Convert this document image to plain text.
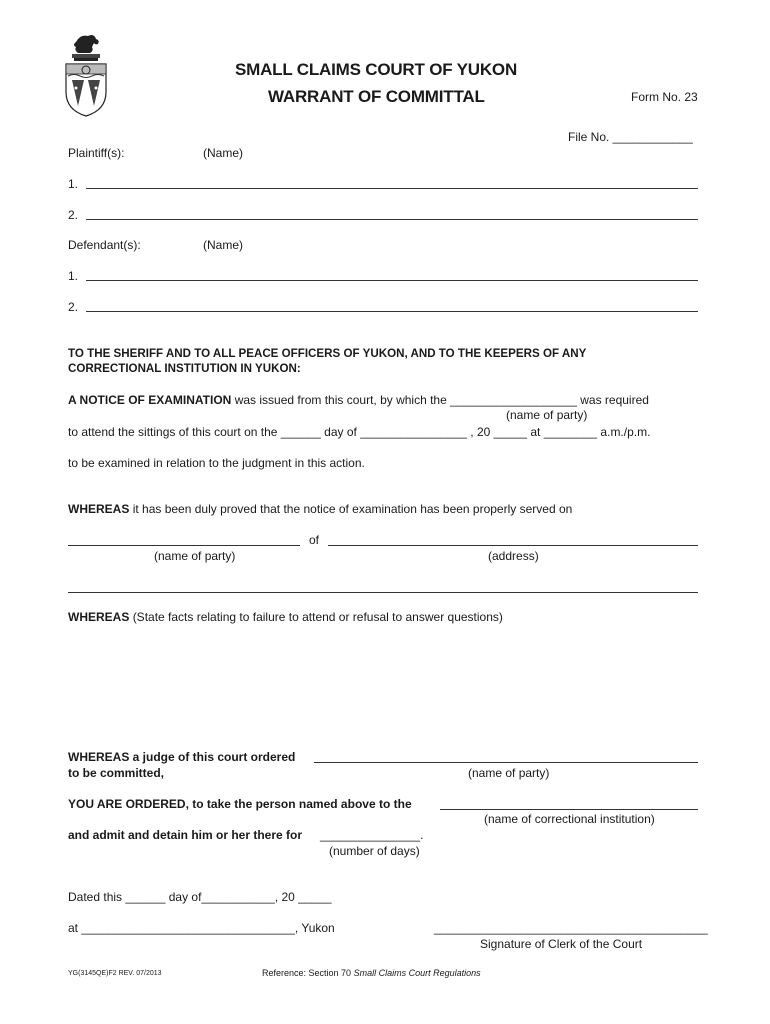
SMALL CLAIMS COURT OF YUKON
WARRANT OF COMMITTAL	Form No. 23
File No. ____________
Plaintiff(s):	(Name)
1.
2.
Defendant(s):	(Name)
1.
2.
TO THE SHERIFF AND TO ALL PEACE OFFICERS OF YUKON, AND TO THE KEEPERS OF ANY
CORRECTIONAL INSTITUTION IN YUKON:
A NOTICE OF EXAMINATION was issued from this court, by which the ___________________ was required
(name of party)
to attend the sittings of this court on the ______ day of ________________ , 20 _____ at ________ a.m./p.m.
to be examined in relation to the judgment in this action.
WHEREAS it has been duly proved that the notice of examination has been properly served on
of
(name of party)	(address)
WHEREAS (State facts relating to failure to attend or refusal to answer questions)
WHEREAS a judge of this court ordered
to be committed,	(name of party)
YOU ARE ORDERED, to take the person named above to the
(name of correctional institution)
and admit and detain him or her there for _______________.
(number of days)
Dated this ______ day of___________, 20 _____
at ________________________________, Yukon	_________________________________________
Signature of Clerk of the Court
YG(3145QE)F2 REV. 07/2013	Reference: Section 70 Small Claims Court Regulations
